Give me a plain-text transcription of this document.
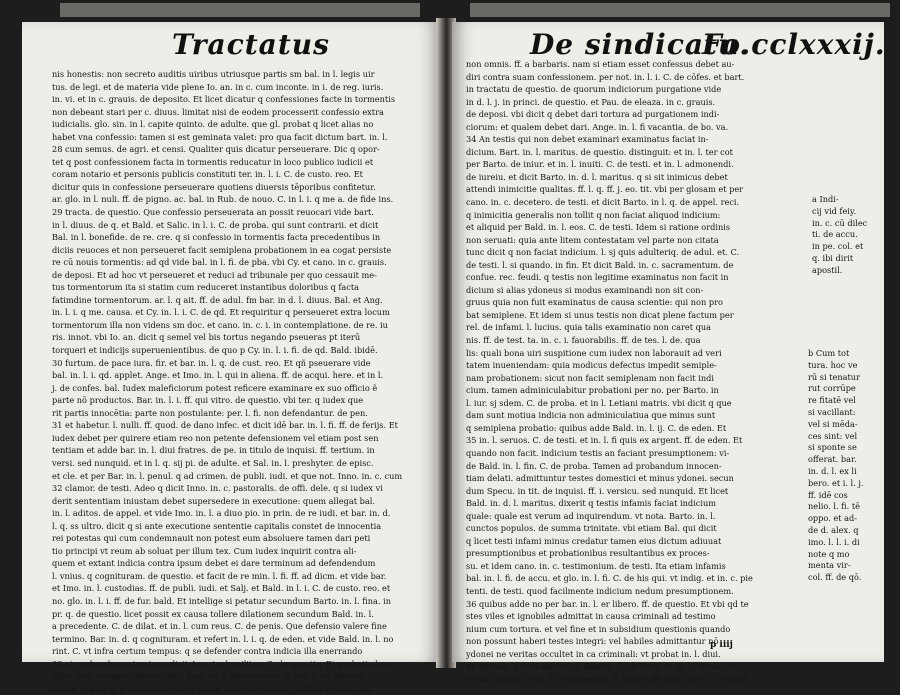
Tractatus
nis honestis: non secreto auditis uiribus utriusque partis sm bal. in l. legis uir
tus. de legi. et de materia vide plene Io. an. in c. cum inconte. in i. de reg. iuris.
in. vi. et in c. grauis. de deposito. Et licet dicatur q confessiones facte in tormentis
non debeant stari per c. diuus. limitat nisi de eodem processerit confessio extra
iudicialis. glo. sin. in l. capite quinto. de adulte. que gl. probat q licet alias no
habet vna confessio: tamen si est geminata valet: pro qua facit dictum bart. in. l.
28 cum semus. de agri. et censi. Qualiter quis dicatur perseuerare. Dic q opor-
tet q post confessionem facta in tormentis reducatur in loco publico iudicii et
coram notario et personis publicis constituti ter. in. l. i. C. de custo. reo. Et
dicitur quis in confessione perseuerare quotiens diuersis tēporibus confitetur.
ar. glo. in l. nuli. ff. de pigno. ac. bal. in Rub. de nouo. C. in l. i. q me a. de fide ins.
29 tracta. de questio. Que confessio perseuerata an possit reuocari vide bart.
in l. diuus. de q. et Bald. et Salic. in l. i. C. de proba. qui sunt contrarii. et dicit
Bal. in l. bonefide. de re. cre. q si confessio in tormentis facta precedentibus in
diciis reuoces et non perseueret facit semiplena probationem in ea cogat persiste
re cū nouis tormentis: ad qd vide bal. in l. fi. de pba. vbi Cy. et cano. in c. grauis.
de deposi. Et ad hoc vt perseueret et reduci ad tribunale per quo cessauit me-
tus tormentorum ita si statim cum reduceret instantibus doloribus q facta
fatimdine tormentorum. ar. l. q ait. ff. de adul. fm bar. in d. l. diuus. Bal. et Ang.
in. l. i. q me. causa. et Cy. in. l. i. C. de qd. Et requiritur q perseueret extra locum
tormentorum illa non videns sm doc. et cano. in. c. i. in contemplatione. de re. iu
ris. innot. vbi Io. an. dicit q semel vel bis tortus negando pseueras pt iterū
torqueri et indicijs superuenientibus. de quo p Cy. in. l. i. fi. de qd. Bald. ibidē.
30 furtum. de pace iura. fir. et bar. in. l. q. de cust. reo. Et qñ pseuerare vide
bal. in. l. i. qd. applet. Ange. et Imo. in. l. qui in aliena. ff. de acqui. here. et in l.
j. de confes. bal. Iudex maleficiorum potest reficere examinare ex suo officio ẽ
parte nō productos. Bar. in. l. i. ff. qui vitro. de questio. vbi ter. q iudex que
rit partis innocētia: parte non postulante: per. l. fi. non defendantur. de pen.
31 et habetur. l. nulli. ff. quod. de dano infec. et dicit idē bar. in. l. fi. ff. de ferijs. Et
iudex debet per quirere etiam reo non petente defensionem vel etiam post sen
tentiam et adde bar. in. l. diui fratres. de pe. in titulo de inquisi. ff. tertium. in
versi. sed nunquid. et in l. q. sij pi. de adulte. et Sal. in. l. preshyter. de episc.
et cle. et per Bar. in. l. penul. q ad crimen. de publi. iudi. et que not. Inno. in. c. cum
32 clamor. de testi. Adeo q dicit Inno. in. c. pastoralis. de offi. dele. q si iudex vi
derit sententiam iniustam debet supersedere in executione: quem allegat bal.
in. l. aditos. de appel. et vide Imo. in. l. a diuo pio. in prin. de re iudi. et bar. in. d.
l. q. ss ultro. dicit q si ante executione sententie capitalis constet de innocentia
rei potestas qui cum condemnauit non potest eum absoluere tamen dari peti
tio principi vt reum ab soluat per illum tex. Cum iudex inquirit contra ali-
quem et extant indicia contra ipsum debet ei dare terminum ad defendendum
l. vnius. q cognituram. de questio. et facit de re min. l. fi. ff. ad dicm. et vide bar.
et Imo. in. l. custodias. ff. de publi. iudi. et Salj. et Bald. in l. i. C. de custo. reo. et
no. glo. in. l. i. ff. de fur. bald. Et intellige si petatur secundum Barto. in. l. fina. in
pr. q. de questio. licet possit ex causa tollere dilationem secundum Bald. in. l.
a precedente. C. de dilat. et in. l. cum reus. C. de penis. Que defensio valere fine
termino. Bar. in. d. q cognituram. et refert in. l. i. q. de eden. et vide Bald. in. l. no
rint. C. vt infra certum tempus: q se defender contra indicia illa enerrando
33 et probando contrarium: dicit Ang. in. l. milites. C. de questio. Et probatio bone
fame facit purgare indicia: dicit Bart. in. l. desertorem. ff. sed si ler inprou
so. de re mili. q probatio bone vite habet minuere indicia: et facit eodem titu.
De sindicatu.
Fo.cclxxxij.
non omnis. ff. a barbaris. nam si etiam esset confessus debet au-
diri contra suam confessionem. per not. in. l. i. C. de cōfes. et bart.
in tractatu de questio. de quorum indiciorum purgatione vide
in d. l. j. in princi. de questio. et Pau. de eleaza. in c. grauis.
de deposi. vbi dicit q debet dari tortura ad purgationem indi-
ciorum: et qualem debet dari. Ange. in. l. fi vacantia. de bo. va.
34 An testis qui non debet examinari examinatus faciat in-
dicium. Bart. in. l. maritus. de questio. distinguit: et in. l. ter cot
per Barto. de iniur. et in. l. inuiti. C. de testi. et in. l. admonendi.
de iureiu. et dicit Barto. in. d. l. maritus. q si sit inimicus debet
attendi inimicitie qualitas. ff. l. q. ff. j. eo. tit. vbi per glosam et per
cano. in. c. decetero. de testi. et dicit Barto. in l. q. de appel. reci.
q inimicitia generalis non tollit q non faciat aliquod indicium:
et aliquid per Bald. in. l. eos. C. de testi. Idem si ratione ordinis
non seruati: quia ante litem contestatam vel parte non citata
tunc dicit q non faciat indicium. l. sj quis adulteriq. de adul. et. C.
de testi. l. si quando. in fin. Et dicit Bald. in. c. sacramentum. de
confue. rec. feudi. q testis non legitime examinatus non facit in
dicium si alias ydoneus si modus examinandi non sit con-
gruus quia non fuit examinatus de causa scientie: qui non pro
bat semiplene. Et idem si unus testis non dicat plene factum per
rel. de infami. l. lucius. quia talis examinatio non caret qua
nis. ff. de test. ta. in. c. i. fauorabilis. ff. de tes. l. de. qua
lis: quali bona uiri suspitione cum iudex non laborauit ad veri
tatem inueniendam: quia modicus defectus impedit semiple-
nam probationem: sicut non facit semiplenam non facit indi
cium. tamen adminiculabitur probationi per no. per Barto. in
l. iur. sj sdem. C. de proba. et in l. Letiani matris. vbi dicit q que
dam sunt motiua indicia non adminiculatiua que minus sunt
q semiplena probatio: quibus adde Bald. in. l. ij. C. de eden. Et
35 in. l. seruos. C. de testi. et in. l. fi quis ex argent. ff. de eden. Et
quando non facit. indicium testis an faciant presumptionem: vi-
de Bald. in. l. fin. C. de proba. Tamen ad probandum innocen-
tiam delati. admittuntur testes domestici et minus ydonei. secun
dum Specu. in tit. de inquisi. ff. i. versicu. sed nunquid. Et licet
Bald. in. d. l. maritus. dixerit q testis infamis faciat indicium
quale: quale est verum ad inquirendum. vt nota. Barto. in. l.
cunctos populos. de summa trinitate. vbi etiam Bal. qui dicit
q licet testi infami minus credatur tamen eius dictum adiuuat
presumptionibus et probationibus resultantibus ex proces-
su. et idem cano. in. c. testimonium. de testi. Ita etiam infamis
bal. in. l. fi. de accu. et glo. in. l. fi. C. de his qui. vt indig. et in. c. pie
tenti. de testi. quod facilmente indicium nedum presumptionem.
36 quibus adde no per bar. in. l. er libero. ff. de questio. Et vbi qd te
stes viles et ignobiles admittat in causa criminali ad testimo
nium cum tortura. et vel fine et in subsidium questionis quando
non possunt haberi testes integri: vel habiles admittantur nō
ydonei ne veritas occultet in ca criminali: vt probat in. l. diui.
de questio. iuncta auteni. si dicatur. C. de testi. et in. c. forus. de
verbo. signifi. et in. l. er consensu. ff. super. de repu. et in. c. venies.
a Indi-
cij vid feiy.
in. c. cū dilec
ti. de accu.
in pe. col. et
q. ibi dirit
apostil.
b Cum tot
tura. hoc ve
rū si tenatur
rut corrūpe
re fitatē vel
si vacillant:
vel si mēda-
ces sint: vel
si sponte se
offerat. bar.
in. d. l. ex li
bero. et i. l. j.
ff. idē cos
nelio. l. fi. tē
oppo. et ad-
de d. alex. q
imo. l. l. i. di
note q mo
menta vir-
col. ff. de qō.
p iiij
